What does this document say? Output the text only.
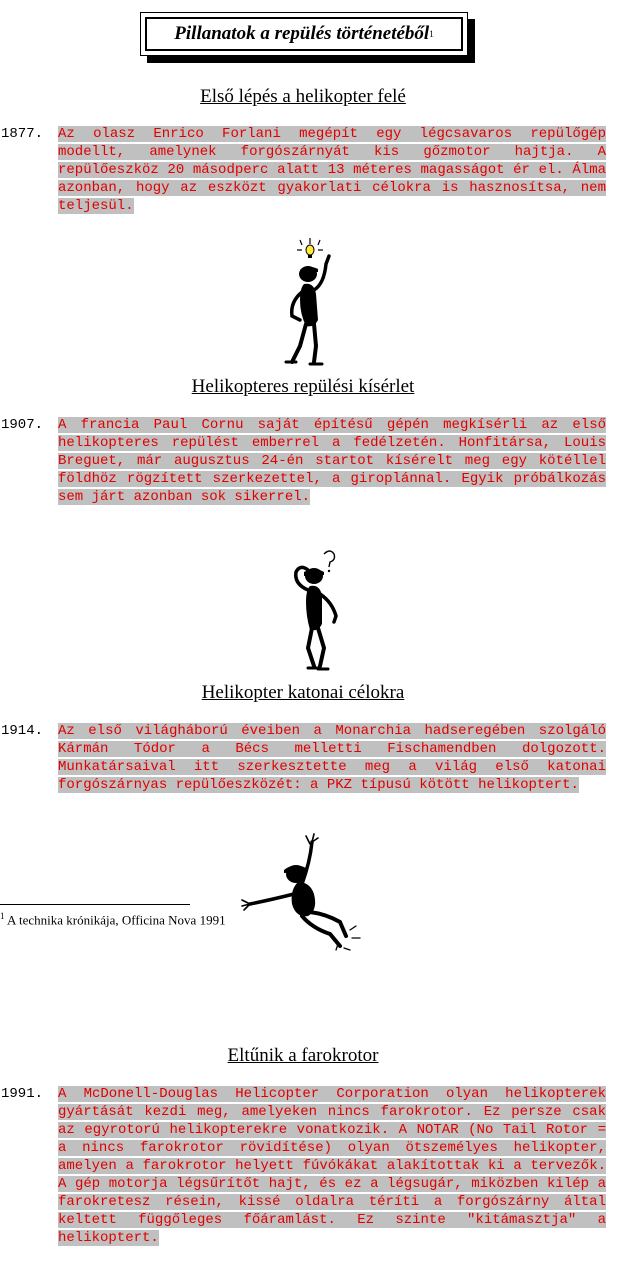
Pillanatok a repülés történetéből 1
Első lépés a helikopter felé
1877. Az olasz Enrico Forlani megépít egy légcsavaros repülőgép modellt, amelynek forgószárnyát kis gőzmotor hajtja. A repülőeszköz 20 másodperc alatt 13 méteres magasságot ér el. Álma azonban, hogy az eszközt gyakorlati célokra is hasznosítsa, nem teljesül.
Helikopteres repülési kísérlet
1907. A francia Paul Cornu saját építésű gépén megkísérli az első helikopteres repülést emberrel a fedélzetén. Honfitársa, Louis Breguet, már augusztus 24-én startot kísérelt meg egy kötéllel földhöz rögzített szerkezettel, a giroplánnal. Egyik próbálkozás sem járt azonban sok sikerrel.
Helikopter katonai célokra
1914. Az első világháború éveiben a Monarchia hadseregében szolgáló Kármán Tódor a Bécs melletti Fischamendben dolgozott. Munkatársaival itt szerkesztette meg a világ első katonai forgószárnyas repülőeszközét: a PKZ típusú kötött helikoptert.
$^1$ A technika krónikája, Officina Nova 1991
Eltűnik a farokrotor
1991. A McDonell-Douglas Helicopter Corporation olyan helikopterek gyártását kezdi meg, amelyeken nincs farokrotor. Ez persze csak az egyrotorú helikopterekre vonatkozik. A NOTAR (No Tail Rotor = a nincs farokrotor rövidítése) olyan ötszemélyes helikopter, amelyen a farokrotor helyett fúvókákat alakítottak ki a tervezők. A gép motorja légsűrítőt hajt, és ez a légsugár, miközben kilép a farokretesz résein, kissé oldalra téríti a forgószárny által keltett függőleges főáramlást. Ez szinte "kitámasztja" a helikoptert.
